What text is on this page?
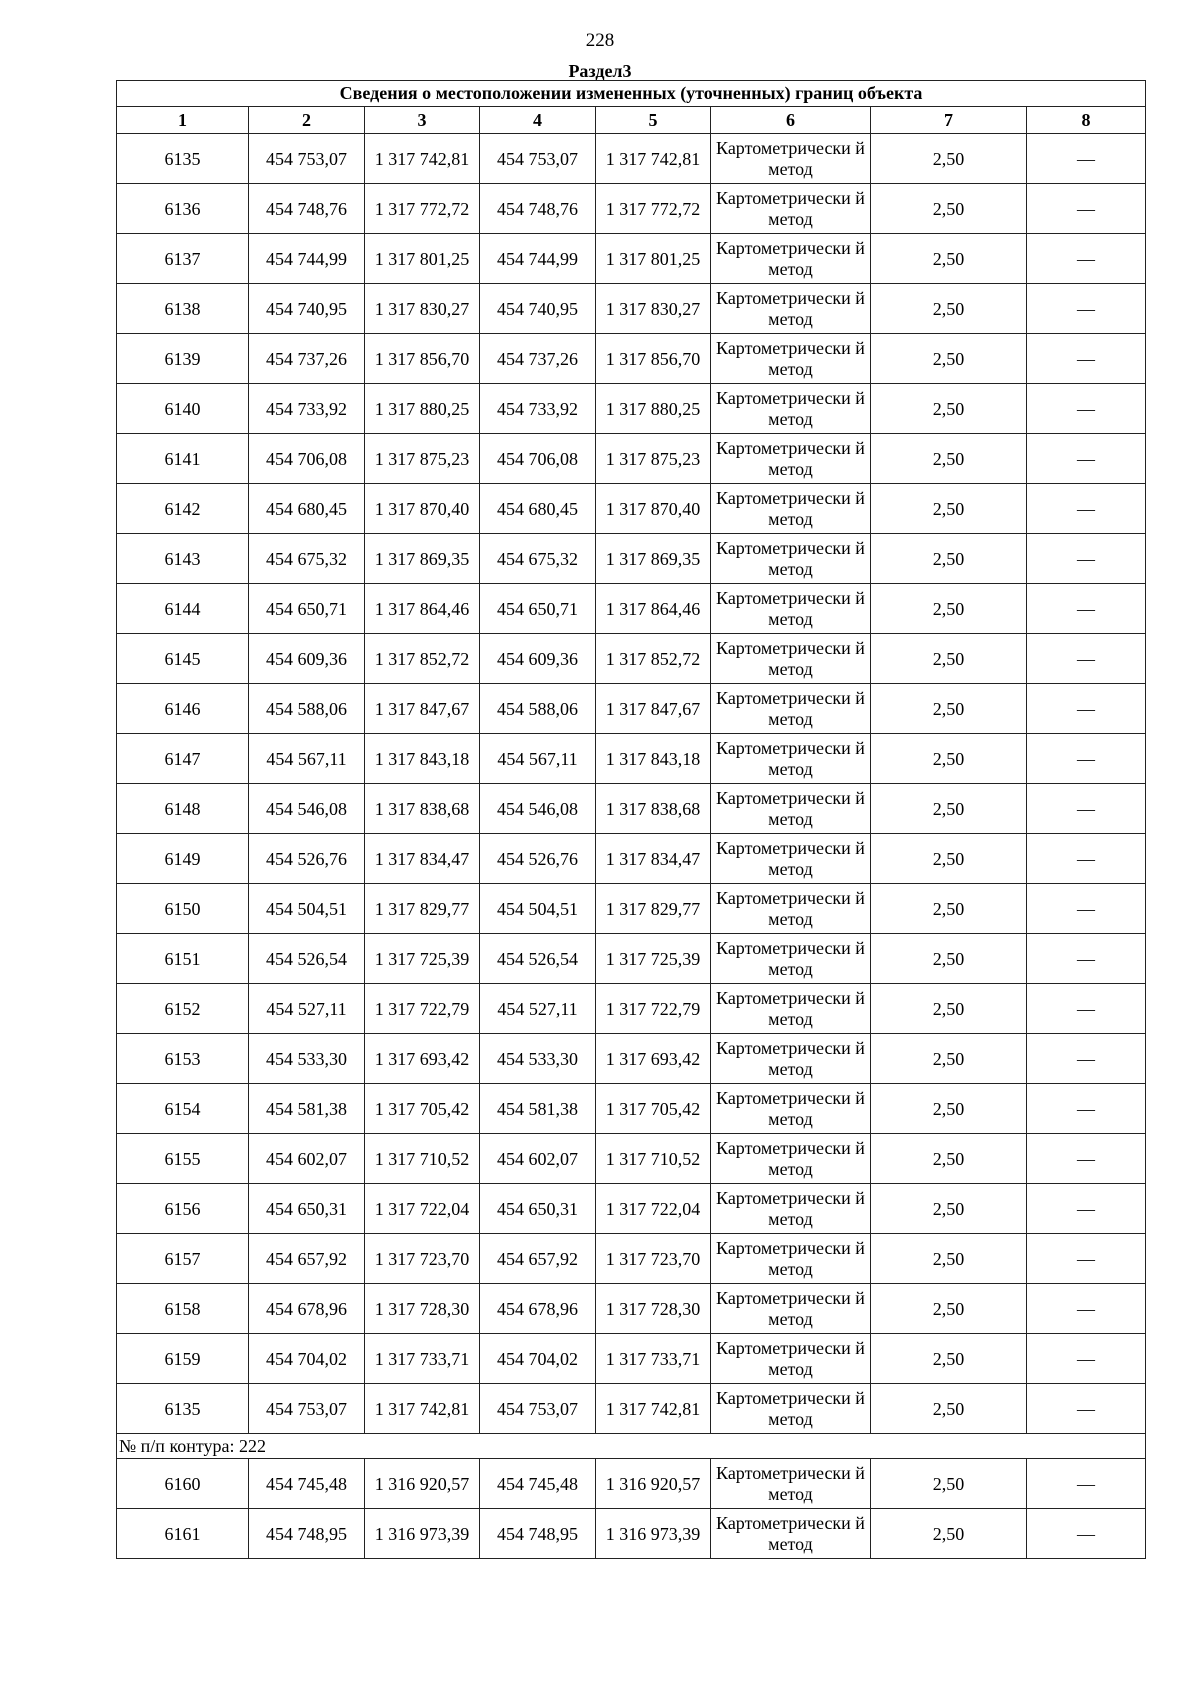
228
Раздел3
Сведения о местоположении измененных (уточненных) границ объекта							
1	2	3	4	5	6	7	8
6135	454 753,07	1 317 742,81	454 753,07	1 317 742,81	Картометрически й метод	2,50	—
6136	454 748,76	1 317 772,72	454 748,76	1 317 772,72	Картометрически й метод	2,50	—
6137	454 744,99	1 317 801,25	454 744,99	1 317 801,25	Картометрически й метод	2,50	—
6138	454 740,95	1 317 830,27	454 740,95	1 317 830,27	Картометрически й метод	2,50	—
6139	454 737,26	1 317 856,70	454 737,26	1 317 856,70	Картометрически й метод	2,50	—
6140	454 733,92	1 317 880,25	454 733,92	1 317 880,25	Картометрически й метод	2,50	—
6141	454 706,08	1 317 875,23	454 706,08	1 317 875,23	Картометрически й метод	2,50	—
6142	454 680,45	1 317 870,40	454 680,45	1 317 870,40	Картометрически й метод	2,50	—
6143	454 675,32	1 317 869,35	454 675,32	1 317 869,35	Картометрически й метод	2,50	—
6144	454 650,71	1 317 864,46	454 650,71	1 317 864,46	Картометрически й метод	2,50	—
6145	454 609,36	1 317 852,72	454 609,36	1 317 852,72	Картометрически й метод	2,50	—
6146	454 588,06	1 317 847,67	454 588,06	1 317 847,67	Картометрически й метод	2,50	—
6147	454 567,11	1 317 843,18	454 567,11	1 317 843,18	Картометрически й метод	2,50	—
6148	454 546,08	1 317 838,68	454 546,08	1 317 838,68	Картометрически й метод	2,50	—
6149	454 526,76	1 317 834,47	454 526,76	1 317 834,47	Картометрически й метод	2,50	—
6150	454 504,51	1 317 829,77	454 504,51	1 317 829,77	Картометрически й метод	2,50	—
6151	454 526,54	1 317 725,39	454 526,54	1 317 725,39	Картометрически й метод	2,50	—
6152	454 527,11	1 317 722,79	454 527,11	1 317 722,79	Картометрически й метод	2,50	—
6153	454 533,30	1 317 693,42	454 533,30	1 317 693,42	Картометрически й метод	2,50	—
6154	454 581,38	1 317 705,42	454 581,38	1 317 705,42	Картометрически й метод	2,50	—
6155	454 602,07	1 317 710,52	454 602,07	1 317 710,52	Картометрически й метод	2,50	—
6156	454 650,31	1 317 722,04	454 650,31	1 317 722,04	Картометрически й метод	2,50	—
6157	454 657,92	1 317 723,70	454 657,92	1 317 723,70	Картометрически й метод	2,50	—
6158	454 678,96	1 317 728,30	454 678,96	1 317 728,30	Картометрически й метод	2,50	—
6159	454 704,02	1 317 733,71	454 704,02	1 317 733,71	Картометрически й метод	2,50	—
6135	454 753,07	1 317 742,81	454 753,07	1 317 742,81	Картометрически й метод	2,50	—
№ п/п контура: 222							
6160	454 745,48	1 316 920,57	454 745,48	1 316 920,57	Картометрически й метод	2,50	—
6161	454 748,95	1 316 973,39	454 748,95	1 316 973,39	Картометрически й метод	2,50	—
